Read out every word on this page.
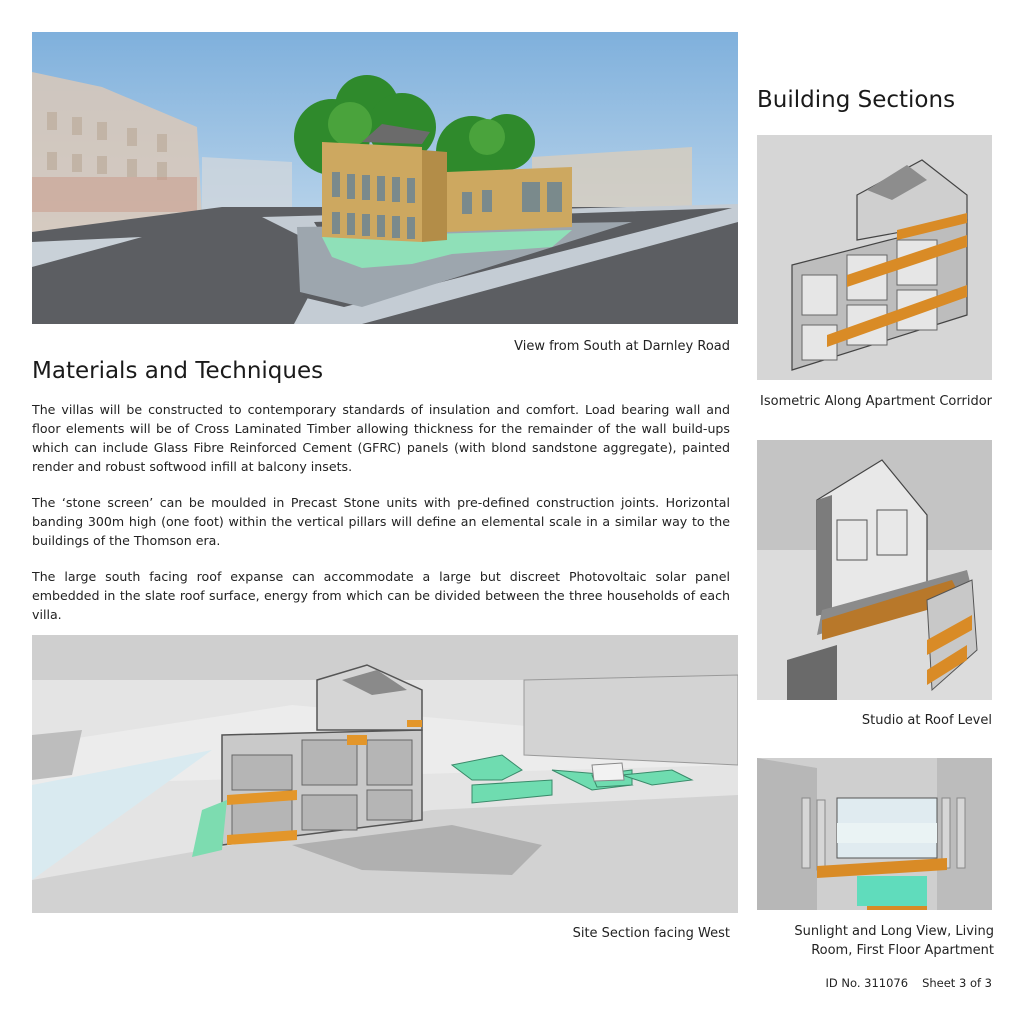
View from South at Darnley Road
Materials and Techniques

The villas will be constructed to contemporary standards of insulation and comfort. Load bearing wall and floor elements will be of Cross Laminated Timber allowing thickness for the remainder of the wall build-ups which can include Glass Fibre Reinforced Cement (GFRC) panels (with blond sandstone aggregate), painted render and robust softwood infill at balcony insets.

The ‘stone screen’ can be moulded in Precast Stone units with pre-defined construction joints. Horizontal banding 300m high (one foot) within the vertical pillars will define an elemental scale in a similar way to the buildings of the Thomson era.

The large south facing roof expanse can accommodate a large but discreet Photovoltaic solar panel embedded in the slate roof surface, energy from which can be divided between the three households of each villa.

Site Section facing West
Building Sections
Isometric Along Apartment Corridor
Studio at Roof Level
Sunlight and Long View, Living
Room, First Floor Apartment
ID No. 311076 Sheet 3 of 3
